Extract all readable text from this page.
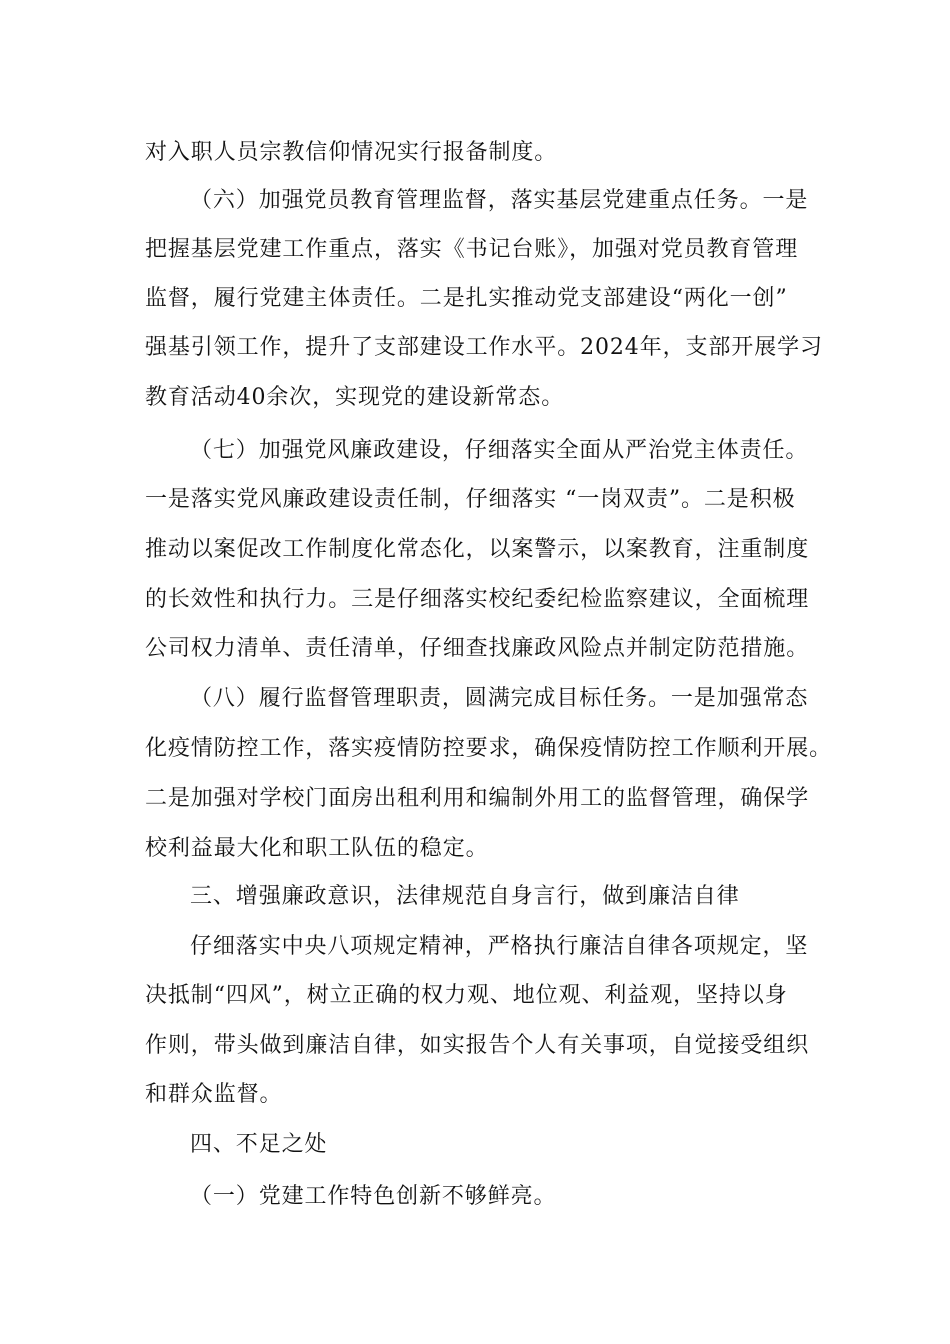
对入职人员宗教信仰情况实行报备制度。
（六）加强党员教育管理监督，落实基层党建重点任务。一是
把握基层党建工作重点，落实《书记台账》，加强对党员教育管理
监督，履行党建主体责任。二是扎实推动党支部建设“两化一创”
强基引领工作，提升了支部建设工作水平。2024年，支部开展学习
教育活动40余次，实现党的建设新常态。
（七）加强党风廉政建设，仔细落实全面从严治党主体责任。
一是落实党风廉政建设责任制，仔细落实 “一岗双责”。二是积极
推动以案促改工作制度化常态化，以案警示，以案教育，注重制度
的长效性和执行力。三是仔细落实校纪委纪检监察建议，全面梳理
公司权力清单、责任清单，仔细查找廉政风险点并制定防范措施。
（八）履行监督管理职责，圆满完成目标任务。一是加强常态
化疫情防控工作，落实疫情防控要求，确保疫情防控工作顺利开展。
二是加强对学校门面房出租利用和编制外用工的监督管理，确保学
校利益最大化和职工队伍的稳定。
三、增强廉政意识，法律规范自身言行，做到廉洁自律
仔细落实中央八项规定精神，严格执行廉洁自律各项规定，坚
决抵制“四风”，树立正确的权力观、地位观、利益观，坚持以身
作则，带头做到廉洁自律，如实报告个人有关事项，自觉接受组织
和群众监督。
四、不足之处
（一）党建工作特色创新不够鲜亮。
